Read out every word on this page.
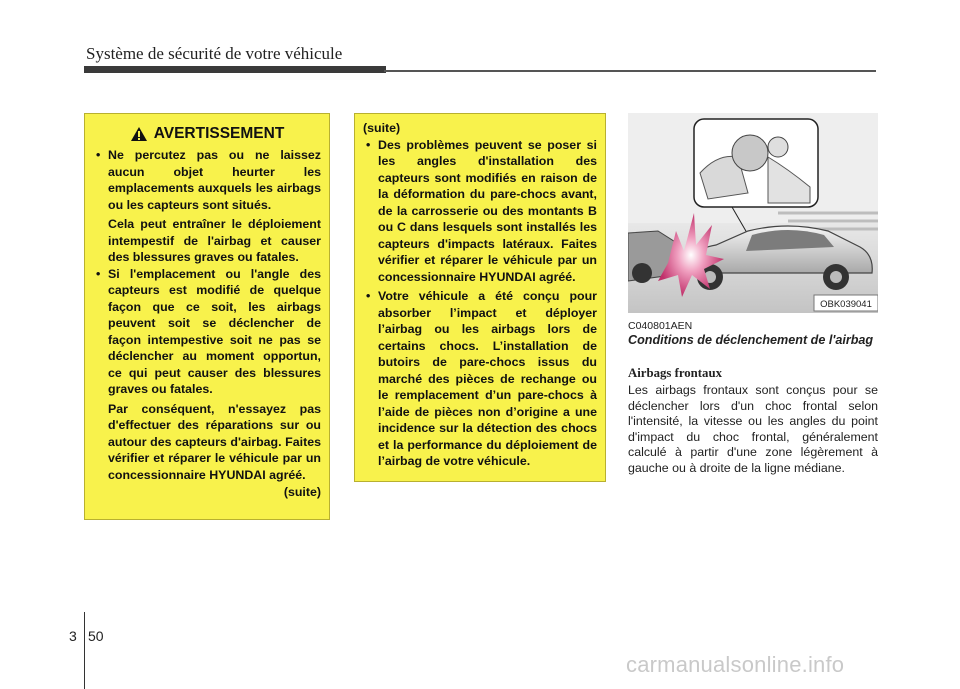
Système de sécurité de votre véhicule
AVERTISSEMENT
• Ne percutez pas ou ne laissez aucun objet heurter les emplacements auxquels les airbags ou les capteurs sont situés.
Cela peut entraîner le déploiement intempestif de l'airbag et causer des blessures graves ou fatales.
• Si l'emplacement ou l'angle des capteurs est modifié de quelque façon que ce soit, les airbags peuvent soit se déclencher de façon intempestive soit ne pas se déclencher au moment opportun, ce qui peut causer des blessures graves ou fatales.
Par conséquent, n'essayez pas d'effectuer des réparations sur ou autour des capteurs d'airbag. Faites vérifier et réparer le véhicule par un concessionnaire HYUNDAI agréé.
(suite)
(suite)
• Des problèmes peuvent se poser si les angles d'installation des capteurs sont modifiés en raison de la déformation du pare-chocs avant, de la carrosserie ou des montants B ou C dans lesquels sont installés les capteurs d'impacts latéraux. Faites vérifier et réparer le véhicule par un concessionnaire HYUNDAI agréé.
• Votre véhicule a été conçu pour absorber l’impact et déployer l’airbag ou les airbags lors de certains chocs. L’installation de butoirs de pare-chocs issus du marché des pièces de rechange ou le remplacement d’un pare-chocs à l’aide de pièces non d’origine a une incidence sur la détection des chocs et la performance du déploiement de l’airbag de votre véhicule.
OBK039041
C040801AEN
Conditions de déclenchement de l'airbag
Airbags frontaux
Les airbags frontaux sont conçus pour se déclencher lors d'un choc frontal selon l'intensité, la vitesse ou les angles du point d'impact du choc frontal, généralement calculé à partir d'une zone légèrement à gauche ou à droite de la ligne médiane.
3 50
carmanualsonline.info
